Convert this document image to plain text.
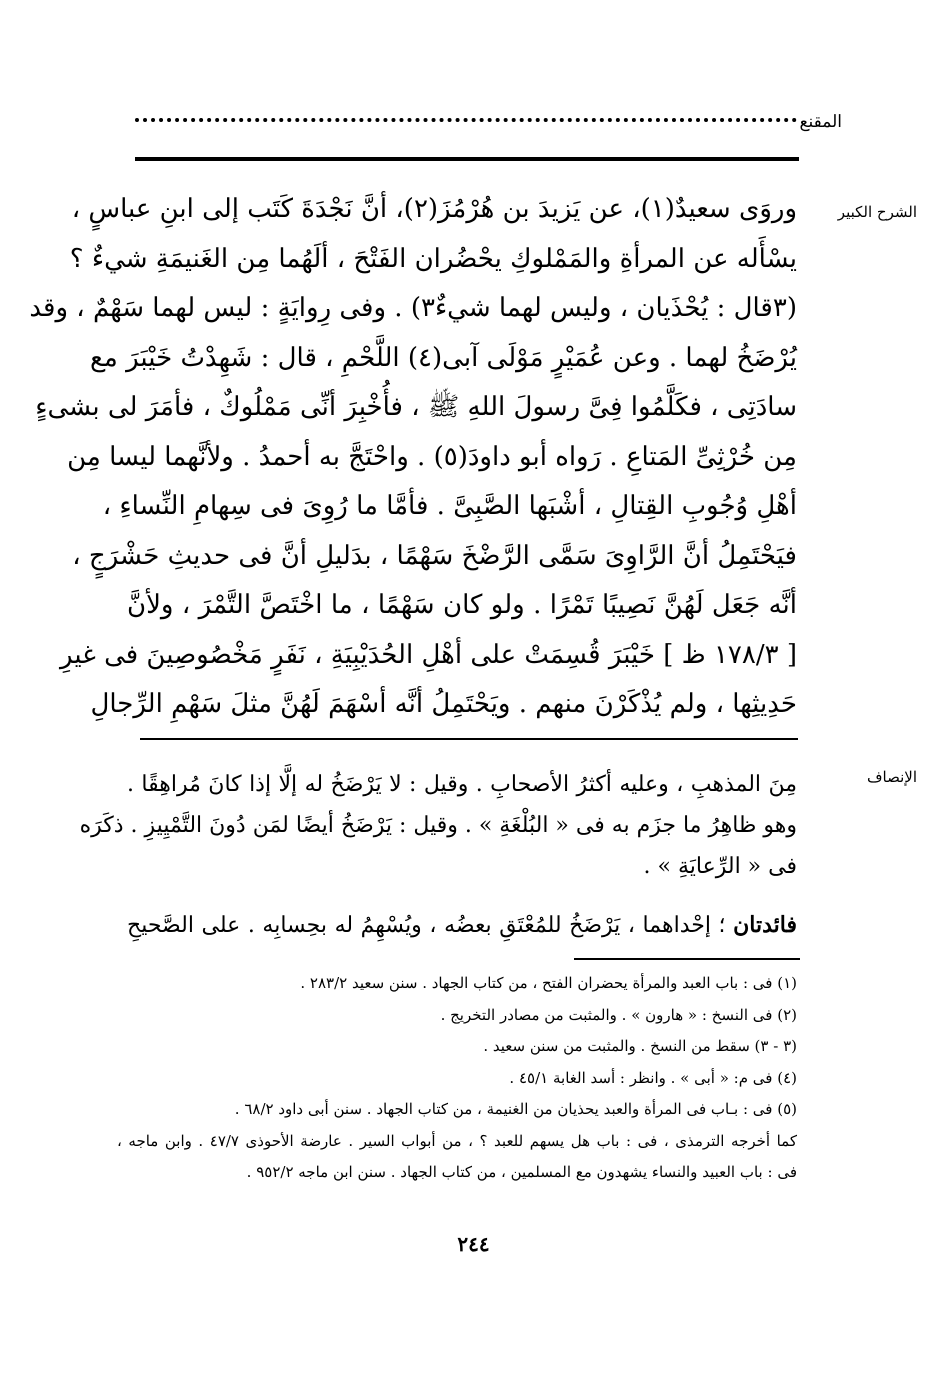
المقنع
الشرح الكبير
وروَى سعيدٌ(١)، عن يَزيدَ بن هُرْمُزَ(٢)، أنَّ نَجْدَةَ كَتَب إلى ابنِ عباسٍ ،
يسْأَله عن المرأةِ والمَمْلوكِ يحْضُران الفَتْحَ ، ألَهُما مِن الغَنيمَةِ شيءٌ ؟
(٣قال : يُحْذَيان ، وليس لهما شيءٌ٣) . وفى رِوايَةٍ : ليس لهما سَهْمٌ ، وقد
يُرْضَخُ لهما . وعن عُمَيْرٍ مَوْلَى آبى(٤) اللَّحْمِ ، قال : شَهِدْتُ خَيْبَرَ مع
سادَتِى ، فكَلَّمُوا فِىَّ رسولَ اللهِ ﷺ ، فأُخْبِرَ أنِّى مَمْلُوكٌ ، فأمَرَ لى بشىءٍ
مِن خُرْثِىِّ المَتاعِ . رَواه أبو داودَ(٥) . واحْتَجَّ به أحمدُ . ولأنَّهما ليسا مِن
أهْلِ وُجُوبِ القِتالِ ، أشْبَها الصَّبِىَّ . فأمَّا ما رُوِىَ فى سِهامِ النِّساءِ ،
فيَحْتَمِلُ أنَّ الرَّاوِىَ سَمَّى الرَّضْخَ سَهْمًا ، بدَليلِ أنَّ فى حديثِ حَشْرَجٍ ،
أنَّه جَعَل لَهُنَّ نَصِيبًا تَمْرًا . ولو كان سَهْمًا ، ما اخْتَصَّ التَّمْرَ ، ولأنَّ
[ ١٧٨/٣ ظ ] خَيْبَرَ قُسِمَتْ على أهْلِ الحُدَيْبِيَةِ ، نَفَرٍ مَخْصُوصِينَ فى غيرِ
حَدِيثِها ، ولم يُذْكَرْنَ منهم . ويَحْتَمِلُ أنَّه أسْهَمَ لَهُنَّ مثلَ سَهْمِ الرِّجالِ
الإنصاف
مِنَ المذهبِ ، وعليه أكثرُ الأصحابِ . وقيل : لا يَرْضَخُ له إلَّا إذا كانَ مُراهِقًا .
وهو ظاهِرُ ما جزَم به فى « البُلْغَةِ » . وقيل : يَرْضَخُ أيضًا لمَن دُونَ التَّمْيِيزِ . ذكَرَه
فى « الرِّعايَةِ » .
فائدتان ؛ إحْداهما ، يَرْضَخُ للمُعْتَقِ بعضُه ، ويُسْهِمُ له بحِسابِه . على الصَّحيحِ
(١) فى : باب العبد والمرأة يحضران الفتح ، من كتاب الجهاد . سنن سعيد ٢٨٣/٢ .
(٢) فى النسخ : « هارون » . والمثبت من مصادر التخريج .
(٣ - ٣) سقط من النسخ . والمثبت من سنن سعيد .
(٤) فى م: « أبى » . وانظر : أسد الغابة ٤٥/١ .
(٥) فى : بـاب فى المرأة والعبد يحذيان من الغنيمة ، من كتاب الجهاد . سنن أبى داود ٦٨/٢ .
كما أخرجه الترمذى ، فى : باب هل يسهم للعبد ؟ ، من أبواب السير . عارضة الأحوذى ٤٧/٧ . وابن ماجه ،
فى : باب العبيد والنساء يشهدون مع المسلمين ، من كتاب الجهاد . سنن ابن ماجه ٩٥٢/٢ .
٢٤٤
